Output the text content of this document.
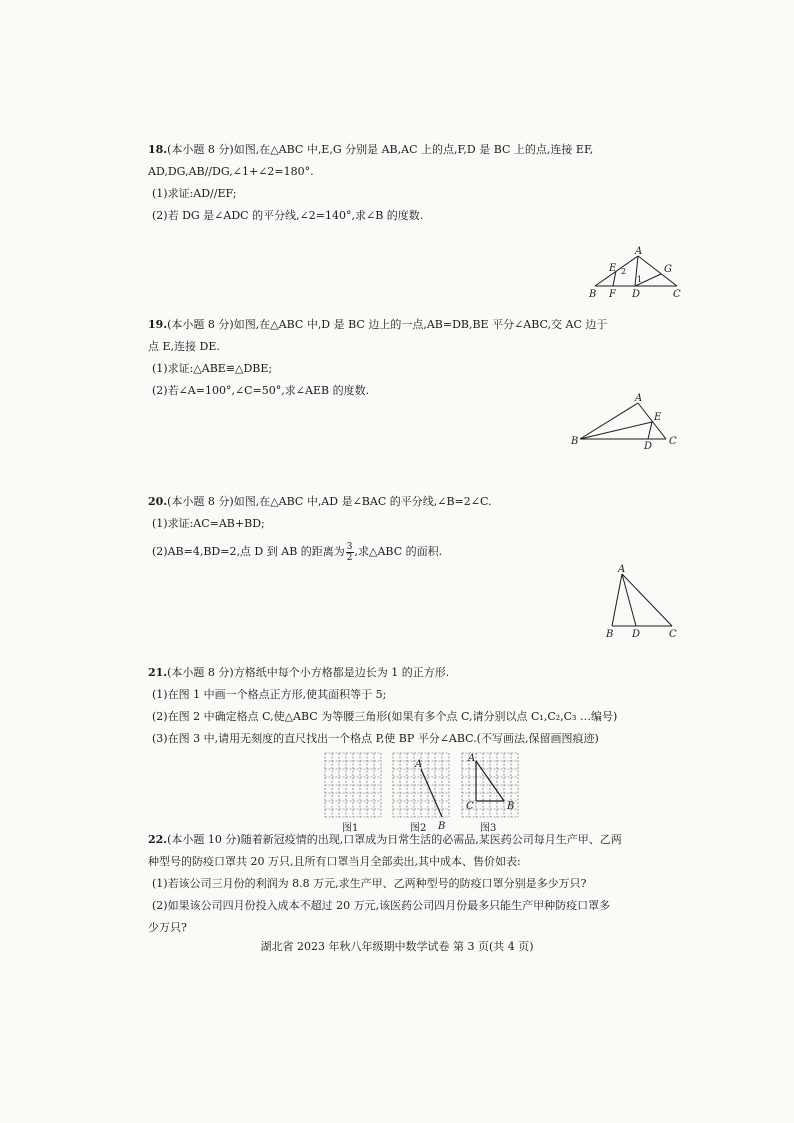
18.(本小题 8 分)如图,在△ABC 中,E,G 分别是 AB,AC 上的点,F,D 是 BC 上的点,连接 EF,
AD,DG,AB//DG,∠1+∠2=180°.
(1)求证:AD//EF;
(2)若 DG 是∠ADC 的平分线,∠2=140°,求∠B 的度数.
A
E 2	G
1
B F D	C
19.(本小题 8 分)如图,在△ABC 中,D 是 BC 边上的一点,AB=DB,BE 平分∠ABC,交 AC 边于
点 E,连接 DE.
(1)求证:△ABE≌△DBE;
(2)若∠A=100°,∠C=50°,求∠AEB 的度数.
A
E
B	D C
20.(本小题 8 分)如图,在△ABC 中,AD 是∠BAC 的平分线,∠B=2∠C.
(1)求证:AC=AB+BD;
(2)AB=4,BD=2,点 D 到 AB 的距离为 $\frac{3}{2}$ ,求△ABC 的面积.
A
B D	C
21.(本小题 8 分)方格纸中每个小方格都是边长为 1 的正方形.
(1)在图 1 中画一个格点正方形,使其面积等于 5;
(2)在图 2 中确定格点 C,使△ABC 为等腰三角形(如果有多个点 C,请分别以点 C₁,C₂,C₃ …编号)
(3)在图 3 中,请用无刻度的直尺找出一个格点 P,使 BP 平分∠ABC.(不写画法,保留画图痕迹)
A
B
A
C	B
图1	图2	图3
22.(本小题 10 分)随着新冠疫情的出现,口罩成为日常生活的必需品,某医药公司每月生产甲、乙两
种型号的防疫口罩共 20 万只,且所有口罩当月全部卖出,其中成本、售价如表:
(1)若该公司三月份的利润为 8.8 万元,求生产甲、乙两种型号的防疫口罩分别是多少万只?
(2)如果该公司四月份投入成本不超过 20 万元,该医药公司四月份最多只能生产甲种防疫口罩多
少万只?
湖北省 2023 年秋八年级期中数学试卷 第 3 页(共 4 页)
